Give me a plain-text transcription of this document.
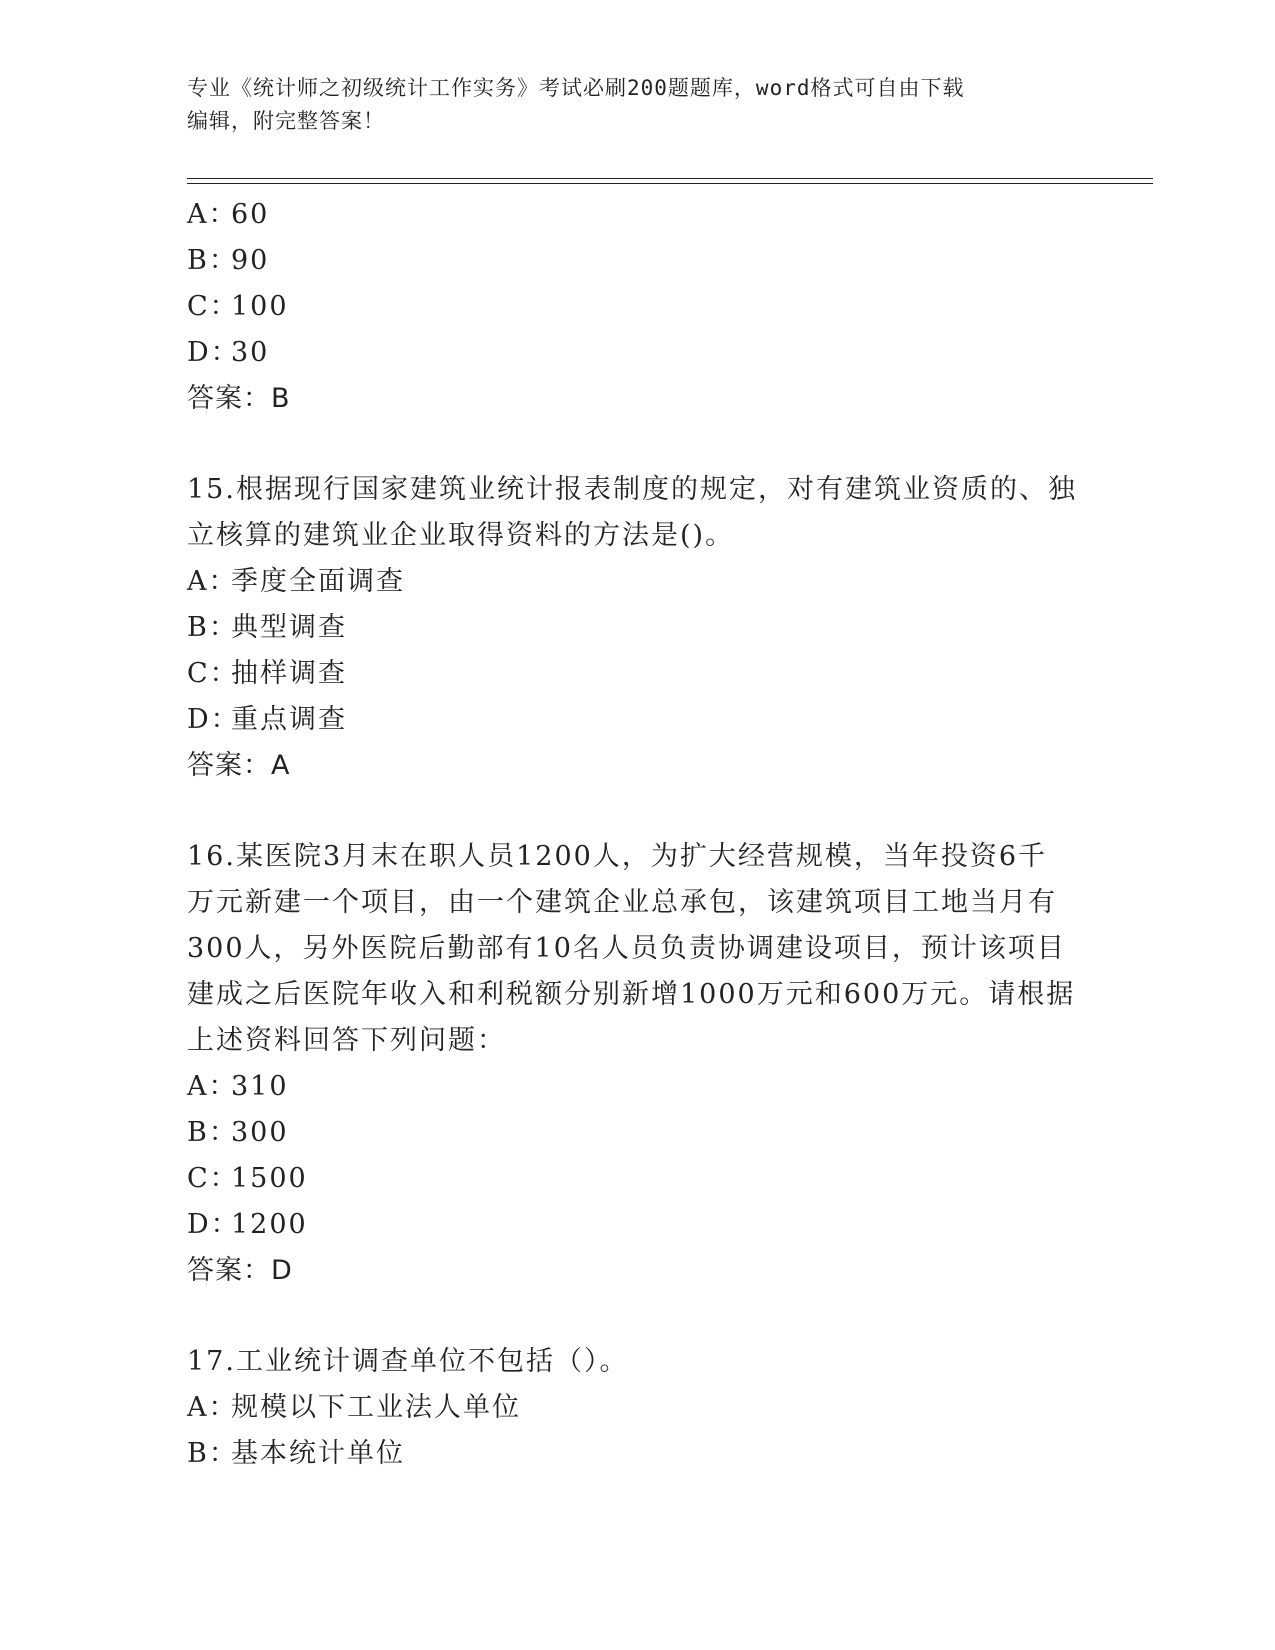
专业《统计师之初级统计工作实务》考试必刷200题题库，word格式可自由下载
编辑，附完整答案！
A：60
B：90
C：100
D：30
答案：B
15.根据现行国家建筑业统计报表制度的规定，对有建筑业资质的、独
立核算的建筑业企业取得资料的方法是()。
A：季度全面调查
B：典型调查
C：抽样调查
D：重点调查
答案：A
16.某医院3月末在职人员1200人，为扩大经营规模，当年投资6千
万元新建一个项目，由一个建筑企业总承包，该建筑项目工地当月有
300人，另外医院后勤部有10名人员负责协调建设项目，预计该项目
建成之后医院年收入和利税额分别新增1000万元和600万元。请根据
上述资料回答下列问题：
A：310
B：300
C：1500
D：1200
答案：D
17.工业统计调查单位不包括（）。
A：规模以下工业法人单位
B：基本统计单位
